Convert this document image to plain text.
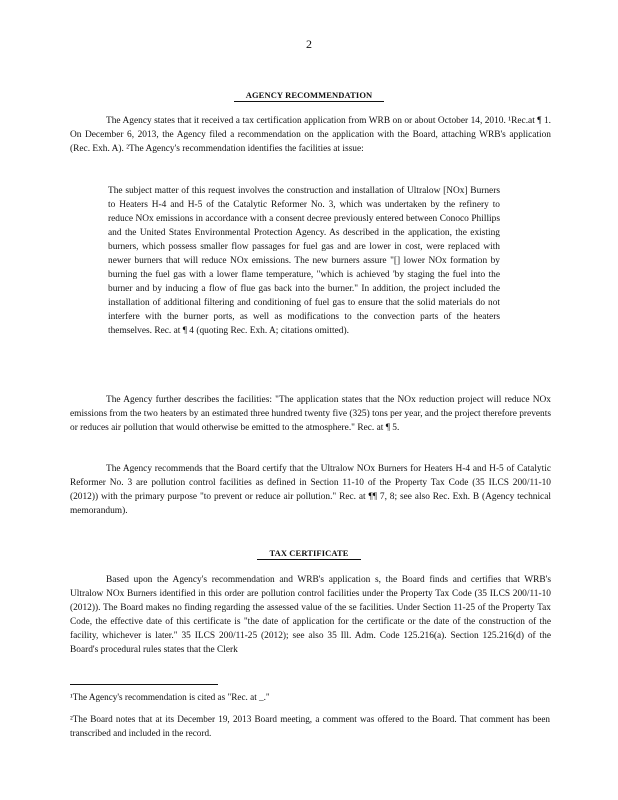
2
AGENCY RECOMMENDATION

The Agency states that it received a tax certification application from WRB on or about October 14, 2010. ¹Rec.at ¶ 1. On December 6, 2013, the Agency filed a recommendation on the application with the Board, attaching WRB's application (Rec. Exh. A). ²The Agency's recommendation identifies the facilities at issue:

The subject matter of this request involves the construction and installation of Ultralow [NOx] Burners to Heaters H-4 and H-5 of the Catalytic Reformer No. 3, which was undertaken by the refinery to reduce NOx emissions in accordance with a consent decree previously entered between Conoco Phillips and the United States Environmental Protection Agency. As described in the application, the existing burners, which possess smaller flow passages for fuel gas and are lower in cost, were replaced with newer burners that will reduce NOx emissions. The new burners assure "[] lower NOx formation by burning the fuel gas with a lower flame temperature, "which is achieved 'by staging the fuel into the burner and by inducing a flow of flue gas back into the burner." In addition, the project included the installation of additional filtering and conditioning of fuel gas to ensure that the solid materials do not interfere with the burner ports, as well as modifications to the convection parts of the heaters themselves. Rec. at ¶ 4 (quoting Rec. Exh. A; citations omitted).

The Agency further describes the facilities: "The application states that the NOx reduction project will reduce NOx emissions from the two heaters by an estimated three hundred twenty five (325) tons per year, and the project therefore prevents or reduces air pollution that would otherwise be emitted to the atmosphere." Rec. at ¶ 5.

The Agency recommends that the Board certify that the Ultralow NOx Burners for Heaters H-4 and H-5 of Catalytic Reformer No. 3 are pollution control facilities as defined in Section 11-10 of the Property Tax Code (35 ILCS 200/11-10 (2012)) with the primary purpose "to prevent or reduce air pollution." Rec. at ¶¶ 7, 8; see also Rec. Exh. B (Agency technical memorandum).

TAX CERTIFICATE

Based upon the Agency's recommendation and WRB's application s, the Board finds and certifies that WRB's Ultralow NOx Burners identified in this order are pollution control facilities under the Property Tax Code (35 ILCS 200/11-10 (2012)). The Board makes no finding regarding the assessed value of the se facilities. Under Section 11-25 of the Property Tax Code, the effective date of this certificate is "the date of application for the certificate or the date of the construction of the facility, whichever is later." 35 ILCS 200/11-25 (2012); see also 35 Ill. Adm. Code 125.216(a). Section 125.216(d) of the Board's procedural rules states that the Clerk

¹The Agency's recommendation is cited as "Rec. at _."

²The Board notes that at its December 19, 2013 Board meeting, a comment was offered to the Board. That comment has been transcribed and included in the record.
